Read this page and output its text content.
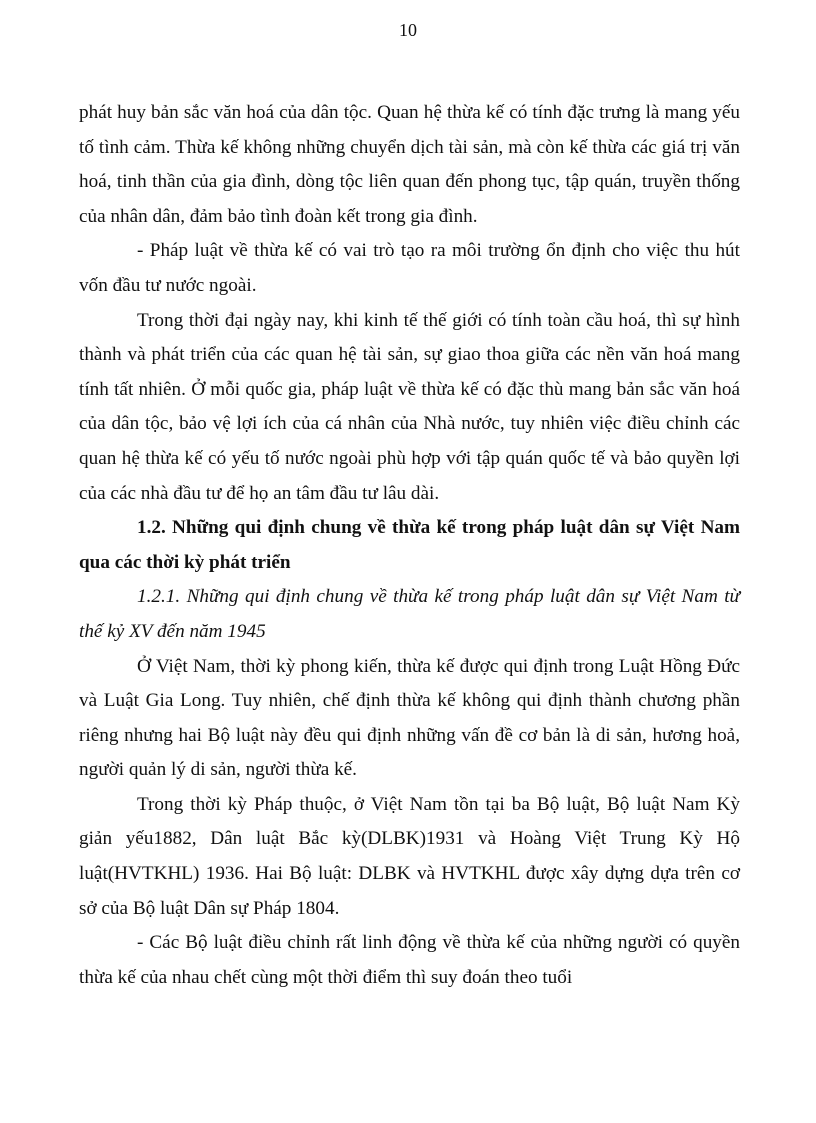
10

phát huy bản sắc văn hoá của dân tộc. Quan hệ thừa kế có tính đặc trưng là mang yếu tố tình cảm. Thừa kế không những chuyển dịch tài sản, mà còn kế thừa các giá trị văn hoá, tinh thần của gia đình, dòng tộc liên quan đến phong tục, tập quán, truyền thống của nhân dân, đảm bảo tình đoàn kết trong gia đình.

- Pháp luật về thừa kế có vai trò tạo ra môi trường ổn định cho việc thu hút vốn đầu tư nước ngoài.

Trong thời đại ngày nay, khi kinh tế thế giới có tính toàn cầu hoá, thì sự hình thành và phát triển của các quan hệ tài sản, sự giao thoa giữa các nền văn hoá mang tính tất nhiên. Ở mỗi quốc gia, pháp luật về thừa kế có đặc thù mang bản sắc văn hoá của dân tộc, bảo vệ lợi ích của cá nhân của Nhà nước, tuy nhiên việc điều chỉnh các quan hệ thừa kế có yếu tố nước ngoài phù hợp với tập quán quốc tế và bảo quyền lợi của các nhà đầu tư để họ an tâm đầu tư lâu dài.

1.2. Những qui định chung về thừa kế trong pháp luật dân sự Việt Nam qua các thời kỳ phát triển

1.2.1. Những qui định chung về thừa kế trong pháp luật dân sự Việt Nam từ thế kỷ XV đến năm 1945

Ở Việt Nam, thời kỳ phong kiến, thừa kế được qui định trong Luật Hồng Đức và Luật Gia Long. Tuy nhiên, chế định thừa kế không qui định thành chương phần riêng nhưng hai Bộ luật này đều qui định những vấn đề cơ bản là di sản, hương hoả, người quản lý di sản, người thừa kế.

Trong thời kỳ Pháp thuộc, ở Việt Nam tồn tại ba Bộ luật, Bộ luật Nam Kỳ giản yếu1882, Dân luật Bắc kỳ(DLBK)1931 và Hoàng Việt Trung Kỳ Hộ luật(HVTKHL) 1936. Hai Bộ luật: DLBK và HVTKHL được xây dựng dựa trên cơ sở của Bộ luật Dân sự Pháp 1804.

- Các Bộ luật điều chỉnh rất linh động về thừa kế của những người có quyền thừa kế của nhau chết cùng một thời điểm thì suy đoán theo tuổi
